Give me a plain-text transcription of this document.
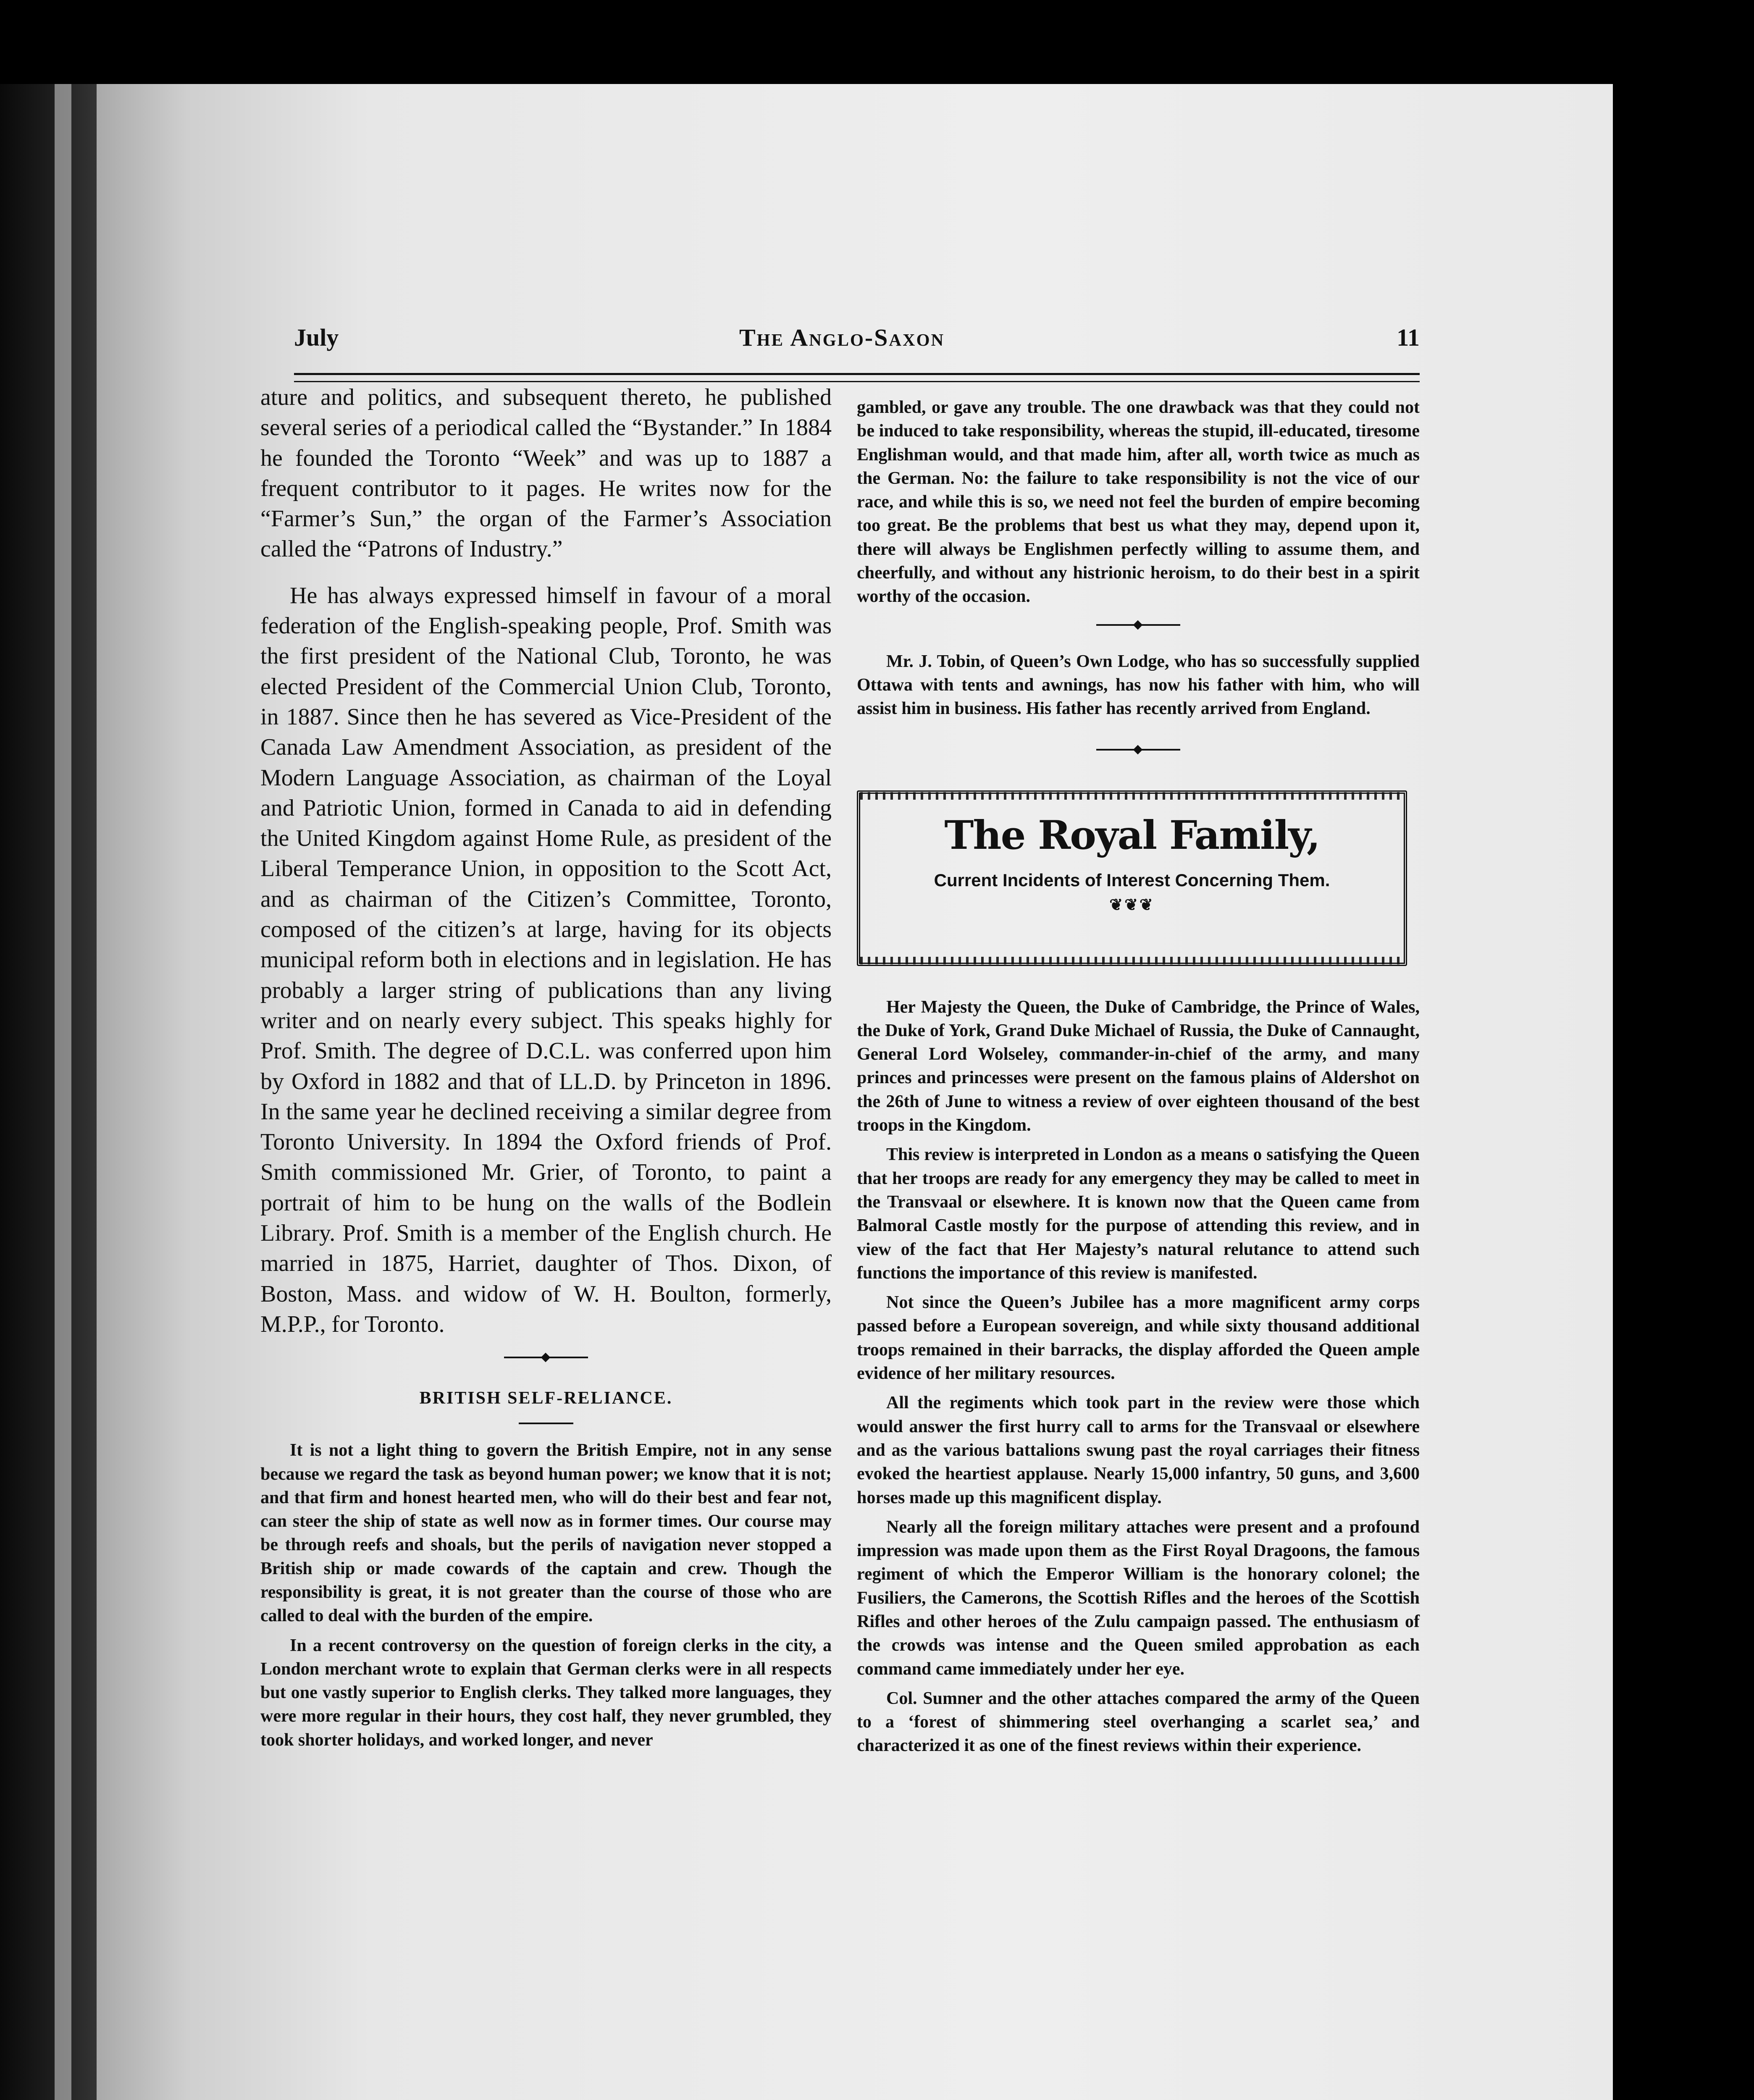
July	The Anglo-Saxon	11

ature and politics, and subsequent thereto, he published several series of a periodical called the “Bystander.” In 1884 he founded the Toronto “Week” and was up to 1887 a frequent contributor to it pages. He writes now for the “Farmer’s Sun,” the organ of the Farmer’s Association called the “Patrons of Industry.”

He has always expressed himself in favour of a moral federation of the English-speaking people, Prof. Smith was the first president of the National Club, Toronto, he was elected President of the Commercial Union Club, Toronto, in 1887. Since then he has severed as Vice-President of the Canada Law Amendment Association, as president of the Modern Language Association, as chairman of the Loyal and Patriotic Union, formed in Canada to aid in defending the United Kingdom against Home Rule, as president of the Liberal Temperance Union, in opposition to the Scott Act, and as chairman of the Citizen’s Committee, Toronto, composed of the citizen’s at large, having for its objects municipal reform both in elections and in legislation. He has probably a larger string of publications than any living writer and on nearly every subject. This speaks highly for Prof. Smith. The degree of D.C.L. was conferred upon him by Oxford in 1882 and that of LL.D. by Princeton in 1896. In the same year he declined receiving a similar degree from Toronto University. In 1894 the Oxford friends of Prof. Smith commissioned Mr. Grier, of Toronto, to paint a portrait of him to be hung on the walls of the Bodlein Library. Prof. Smith is a member of the English church. He married in 1875, Harriet, daughter of Thos. Dixon, of Boston, Mass. and widow of W. H. Boulton, formerly, M.P.P., for Toronto.

BRITISH SELF-RELIANCE.

It is not a light thing to govern the British Empire, not in any sense because we regard the task as beyond human power; we know that it is not; and that firm and honest hearted men, who will do their best and fear not, can steer the ship of state as well now as in former times. Our course may be through reefs and shoals, but the perils of navigation never stopped a British ship or made cowards of the captain and crew. Though the responsibility is great, it is not greater than the course of those who are called to deal with the burden of the empire.

In a recent controversy on the question of foreign clerks in the city, a London merchant wrote to explain that German clerks were in all respects but one vastly superior to English clerks. They talked more languages, they were more regular in their hours, they cost half, they never grumbled, they took shorter holidays, and worked longer, and never

gambled, or gave any trouble. The one drawback was that they could not be induced to take responsibility, whereas the stupid, ill-educated, tiresome Englishman would, and that made him, after all, worth twice as much as the German. No: the failure to take responsibility is not the vice of our race, and while this is so, we need not feel the burden of empire becoming too great. Be the problems that best us what they may, depend upon it, there will always be Englishmen perfectly willing to assume them, and cheerfully, and without any histrionic heroism, to do their best in a spirit worthy of the occasion.

Mr. J. Tobin, of Queen’s Own Lodge, who has so successfully supplied Ottawa with tents and awnings, has now his father with him, who will assist him in business. His father has recently arrived from England.

The Royal Family,

Current Incidents of Interest Concerning Them.

❦❦❦

Her Majesty the Queen, the Duke of Cambridge, the Prince of Wales, the Duke of York, Grand Duke Michael of Russia, the Duke of Cannaught, General Lord Wolseley, commander-in-chief of the army, and many princes and princesses were present on the famous plains of Aldershot on the 26th of June to witness a review of over eighteen thousand of the best troops in the Kingdom.

This review is interpreted in London as a means o satisfying the Queen that her troops are ready for any emergency they may be called to meet in the Transvaal or elsewhere. It is known now that the Queen came from Balmoral Castle mostly for the purpose of attending this review, and in view of the fact that Her Majesty’s natural relutance to attend such functions the importance of this review is manifested.

Not since the Queen’s Jubilee has a more magnificent army corps passed before a European sovereign, and while sixty thousand additional troops remained in their barracks, the display afforded the Queen ample evidence of her military resources.

All the regiments which took part in the review were those which would answer the first hurry call to arms for the Transvaal or elsewhere and as the various battalions swung past the royal carriages their fitness evoked the heartiest applause. Nearly 15,000 infantry, 50 guns, and 3,600 horses made up this magnificent display.

Nearly all the foreign military attaches were present and a profound impression was made upon them as the First Royal Dragoons, the famous regiment of which the Emperor William is the honorary colonel; the Fusiliers, the Camerons, the Scottish Rifles and the heroes of the Scottish Rifles and other heroes of the Zulu campaign passed. The enthusiasm of the crowds was intense and the Queen smiled approbation as each command came immediately under her eye.

Col. Sumner and the other attaches compared the army of the Queen to a ‘forest of shimmering steel overhanging a scarlet sea,’ and characterized it as one of the finest reviews within their experience.
